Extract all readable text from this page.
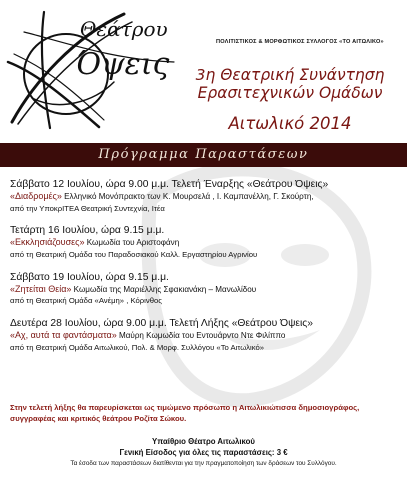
Θεάτρου
Όψεις
ΠΟΛΙΤΙΣΤΙΚΟΣ & ΜΟΡΦΩΤΙΚΟΣ ΣΥΛΛΟΓΟΣ «ΤΟ ΑΙΤΩΛΙΚΟ»
3η Θεατρική Συνάντηση
Ερασιτεχνικών Ομάδων
Αιτωλικό 2014
Πρόγραμμα Παραστάσεων
Σάββατο 12 Ιουλίου, ώρα 9.00 μ.μ. Τελετή Έναρξης «Θεάτρου Όψεις»
«Διαδρομές» Ελληνικό Μονόπρακτο των Κ. Μουρσελά , Ι. Καμπανέλλη, Γ. Σκούρτη,
από την ΥποκρΙΤΕΑ Θεατρική Συντεχνία, Ιτέα
Τετάρτη 16 Ιουλίου, ώρα 9.15 μ.μ.
«Εκκλησιάζουσες» Κωμωδία του Αριστοφάνη
από τη Θεατρική Ομάδα του Παραδοσιακού Καλλ. Εργαστηρίου Αγρινίου
Σάββατο 19 Ιουλίου, ώρα 9.15 μ.μ.
«Ζητείται Θεία» Κωμωδία της Μαριέλλης Σφακιανάκη – Μανωλίδου
από τη Θεατρική Ομάδα «Ανέμη» , Κόρινθος
Δευτέρα 28 Ιουλίου, ώρα 9.00 μ.μ. Τελετή Λήξης «Θεάτρου Όψεις»
«Αχ, αυτά τα φαντάσματα» Μαύρη Κωμωδία του Εντουάρντο Ντε Φιλίππο
από τη Θεατρική Ομάδα Αιτωλικού, Πολ. & Μορφ. Συλλόγου «Το Αιτωλικό»
Στην τελετή λήξης θα παρευρίσκεται ως τιμώμενο πρόσωπο η Αιτωλικιώτισσα δημοσιογράφος, συγγραφέας και κριτικός θεάτρου Ροζίτα Σώκου.
Υπαίθριο Θέατρο Αιτωλικού
Γενική Είσοδος για όλες τις παραστάσεις: 3 €
Τα έσοδα των παραστάσεων διατίθενται για την πραγματοποίηση των δράσεων του Συλλόγου.
